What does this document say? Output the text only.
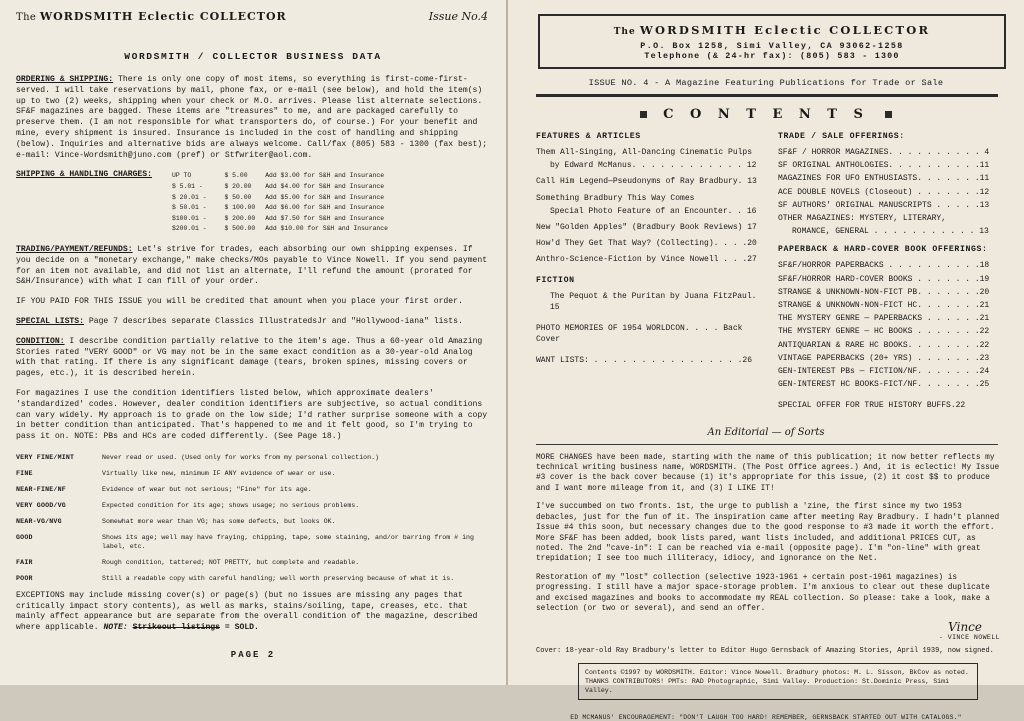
The WORDSMITH Eclectic COLLECTOR	Issue No.4
WORDSMITH / COLLECTOR BUSINESS DATA

ORDERING & SHIPPING: There is only one copy of most items, so everything is first-come-first-served. I will take reservations by mail, phone fax, or e-mail (see below), and hold the item(s) up to two (2) weeks, shipping when your check or M.O. arrives. Please list alternate selections. SF&F magazines are bagged. These items are "treasures" to me, and are packaged carefully to preserve them. (I am not responsible for what transporters do, of course.) For your benefit and mine, every shipment is insured. Insurance is included in the cost of handling and shipping (below). Inquiries and alternative bids are always welcome. Call/fax (805) 583 - 1300 (fax best); e-mail: Vince-Wordsmith@juno.com (pref) or Stfwriter@aol.com.

SHIPPING & HANDLING CHARGES:	UP TO	$ 5.00	Add $3.00 for S&H and Insurance
$ 5.01 -	$ 20.00	Add $4.00 for S&H and Insurance
$ 20.01 -	$ 50.00	Add $5.00 for S&H and Insurance
$ 50.01 -	$ 100.00	Add $6.00 for S&H and Insurance
$100.01 -	$ 200.00	Add $7.50 for S&H and Insurance
$200.01 -	$ 500.00	Add $10.00 for S&H and Insurance

TRADING/PAYMENT/REFUNDS: Let's strive for trades, each absorbing our own shipping expenses. If you decide on a "monetary exchange," make checks/MOs payable to Vince Nowell. If you send payment for an item not available, and did not list an alternate, I'll refund the amount (prorated for S&H/Insurance) with what I can fill of your order.

IF YOU PAID FOR THIS ISSUE you will be credited that amount when you place your first order.

SPECIAL LISTS: Page 7 describes separate Classics IllustratedsJr and "Hollywood-iana" lists.

CONDITION: I describe condition partially relative to the item's age. Thus a 60-year old Amazing Stories rated "VERY GOOD" or VG may not be in the same exact condition as a 30-year-old Analog with that rating. If there is any significant damage (tears, broken spines, missing covers or pages, etc.), it is described herein.

For magazines I use the condition identifiers listed below, which approximate dealers' 'standardized' codes. However, dealer condition identifiers are subjective, so actual conditions can vary widely. My approach is to grade on the low side; I'd rather surprise someone with a copy in better condition than anticipated. That's happened to me and it felt good, so I'm trying to pass it on. NOTE: PBs and HCs are coded differently. (See Page 18.)

VERY FINE/MINT	Never read or used. (Used only for works from my personal collection.)
FINE	Virtually like new, minimum IF ANY evidence of wear or use.
NEAR-FINE/NF	Evidence of wear but not serious; "Fine" for its age.
VERY GOOD/VG	Expected condition for its age; shows usage; no serious problems.
NEAR-VG/NVG	Somewhat more wear than VG; has some defects, but looks OK.
GOOD	Shows its age; well may have fraying, chipping, tape, some staining, and/or barring from # ing label, etc.
FAIR	Rough condition, tattered; NOT PRETTY, but complete and readable.
POOR	Still a readable copy with careful handling; well worth preserving because of what it is.

EXCEPTIONS may include missing cover(s) or page(s) (but no issues are missing any pages that critically impact story contents), as well as marks, stains/soiling, tape, creases, etc. that mainly affect appearance but are separate from the overall condition of the magazine, described where applicable. NOTE: Strikeout listings = SOLD.

PAGE 2
The WORDSMITH Eclectic COLLECTOR
P.O. Box 1258, Simi Valley, CA 93062-1258
Telephone (& 24-hr fax): (805) 583 - 1300
ISSUE NO. 4 - A Magazine Featuring Publications for Trade or Sale
C O N T E N T S
FEATURES & ARTICLES
Them All-Singing, All-Dancing Cinematic Pulps
by Edward McManus. . . . . . . . . . . . 12
Call Him Legend—Pseudonyms of Ray Bradbury. 13
Something Bradbury This Way Comes
Special Photo Feature of an Encounter. . 16
New "Golden Apples" (Bradbury Book Reviews) 17
How'd They Get That Way? (Collecting). . . .20
Anthro-Science-Fiction by Vince Nowell . . .27
FICTION
The Pequot & the Puritan by Juana FitzPaul. 15
PHOTO MEMORIES OF 1954 WORLDCON. . . . Back Cover
WANT LISTS: . . . . . . . . . . . . . . . .26
TRADE / SALE OFFERINGS:
SF&F / HORROR MAGAZINES. . . . . . . . . . 4
SF ORIGINAL ANTHOLOGIES. . . . . . . . . .11
MAGAZINES FOR UFO ENTHUSIASTS. . . . . . .11
ACE DOUBLE NOVELS (Closeout) . . . . . . .12
SF AUTHORS' ORIGINAL MANUSCRIPTS . . . . .13
OTHER MAGAZINES: MYSTERY, LITERARY,
ROMANCE, GENERAL . . . . . . . . . . . 13
PAPERBACK & HARD-COVER BOOK OFFERINGS:
SF&F/HORROR PAPERBACKS . . . . . . . . . .18
SF&F/HORROR HARD-COVER BOOKS . . . . . . .19
STRANGE & UNKNOWN-NON-FICT PB. . . . . . .20
STRANGE & UNKNOWN-NON-FICT HC. . . . . . .21
THE MYSTERY GENRE — PAPERBACKS . . . . . .21
THE MYSTERY GENRE — HC BOOKS . . . . . . .22
ANTIQUARIAN & RARE HC BOOKS. . . . . . . .22
VINTAGE PAPERBACKS (20+ YRS) . . . . . . .23
GEN-INTEREST PBs — FICTION/NF. . . . . . .24
GEN-INTEREST HC BOOKS-FICT/NF. . . . . . .25
SPECIAL OFFER FOR TRUE HISTORY BUFFS.22
An Editorial — of Sorts

MORE CHANGES have been made, starting with the name of this publication; it now better reflects my technical writing business name, WORDSMITH. (The Post Office agrees.) And, it is eclectic! My Issue #3 cover is the back cover because (1) it's appropriate for this issue, (2) it cost $$ to produce and I want more mileage from it, and (3) I LIKE IT!

I've succumbed on two fronts. 1st, the urge to publish a 'zine, the first since my two 1953 debacles, just for the fun of it. The inspiration came after meeting Ray Bradbury. I hadn't planned Issue #4 this soon, but necessary changes due to the good response to #3 made it worth the effort. More SF&F has been added, book lists pared, want lists included, and additional PRICES CUT, as noted. The 2nd "cave-in": I can be reached via e-mail (opposite page). I'm "on-line" with great trepidation; I see too much illiteracy, idiocy, and ignorance on the Net.

Restoration of my "lost" collection (selective 1923-1961 + certain post-1961 magazines) is progressing. I still have a major space-storage problem. I'm anxious to clear out these duplicate and excised magazines and books to accommodate my REAL collection. So please: take a look, make a selection (or two or several), and send an offer.

Vince
- VINCE NOWELL
Cover: 18-year-old Ray Bradbury's letter to Editor Hugo Gernsback of Amazing Stories, April 1939, now signed.
Contents ©1997 by WORDSMITH. Editor: Vince Nowell. Bradbury photos: M. L. Sisson, BkCov as noted.
THANKS CONTRIBUTORS! PMTs: RAD Photographic, Simi Valley. Production: St.Dominic Press, Simi Valley.
ED MCMANUS' ENCOURAGEMENT: "DON'T LAUGH TOO HARD! REMEMBER, GERNSBACK STARTED OUT WITH CATALOGS."
